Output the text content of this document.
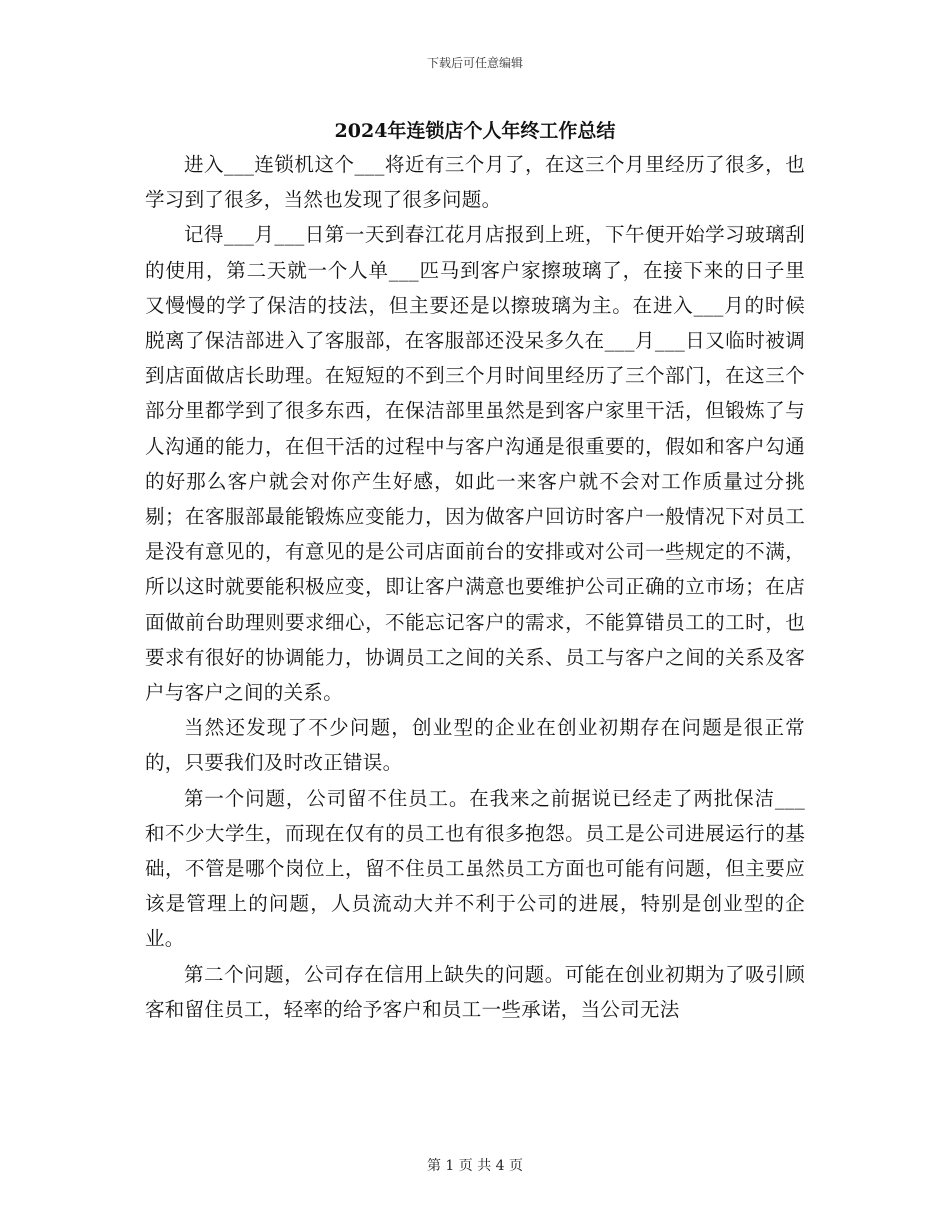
下载后可任意编辑
2024年连锁店个人年终工作总结

进入___连锁机这个___将近有三个月了，在这三个月里经历了很多，也学习到了很多，当然也发现了很多问题。

记得___月___日第一天到春江花月店报到上班，下午便开始学习玻璃刮的使用，第二天就一个人单___匹马到客户家擦玻璃了，在接下来的日子里又慢慢的学了保洁的技法，但主要还是以擦玻璃为主。在进入___月的时候脱离了保洁部进入了客服部，在客服部还没呆多久在___月___日又临时被调到店面做店长助理。在短短的不到三个月时间里经历了三个部门，在这三个部分里都学到了很多东西，在保洁部里虽然是到客户家里干活，但锻炼了与人沟通的能力，在但干活的过程中与客户沟通是很重要的，假如和客户勾通的好那么客户就会对你产生好感，如此一来客户就不会对工作质量过分挑剔；在客服部最能锻炼应变能力，因为做客户回访时客户一般情况下对员工是没有意见的，有意见的是公司店面前台的安排或对公司一些规定的不满，所以这时就要能积极应变，即让客户满意也要维护公司正确的立市场；在店面做前台助理则要求细心，不能忘记客户的需求，不能算错员工的工时，也要求有很好的协调能力，协调员工之间的关系、员工与客户之间的关系及客户与客户之间的关系。

当然还发现了不少问题，创业型的企业在创业初期存在问题是很正常的，只要我们及时改正错误。

第一个问题，公司留不住员工。在我来之前据说已经走了两批保洁___和不少大学生，而现在仅有的员工也有很多抱怨。员工是公司进展运行的基础，不管是哪个岗位上，留不住员工虽然员工方面也可能有问题，但主要应该是管理上的问题，人员流动大并不利于公司的进展，特别是创业型的企业。

第二个问题，公司存在信用上缺失的问题。可能在创业初期为了吸引顾客和留住员工，轻率的给予客户和员工一些承诺，当公司无法

第 1 页 共 4 页
